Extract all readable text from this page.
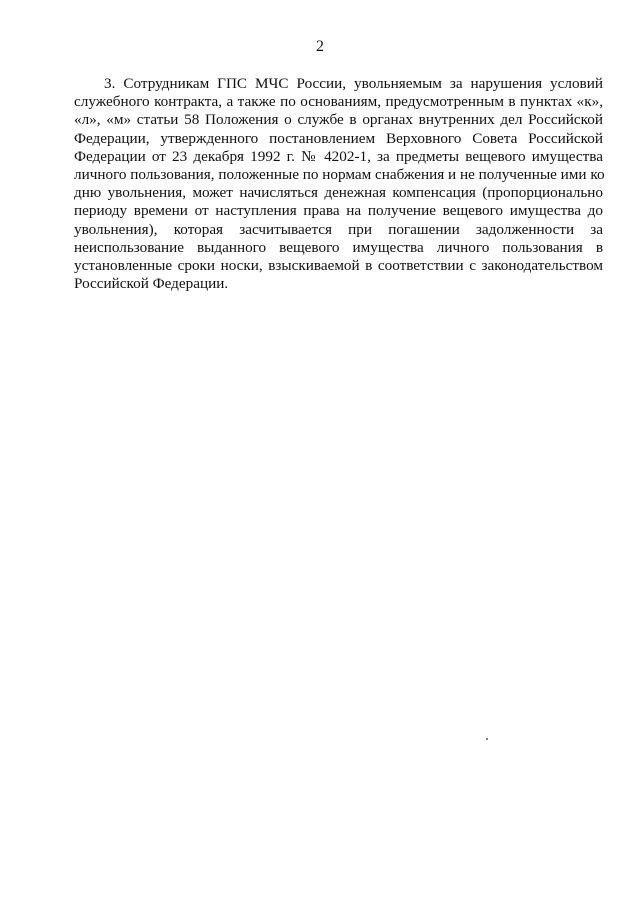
2
3. Сотрудникам ГПС МЧС России, увольняемым за нарушения условий
служебного контракта, а также по основаниям, предусмотренным в пунктах «к»,
«л», «м» статьи 58 Положения о службе в органах внутренних дел Российской
Федерации, утвержденного постановлением Верховного Совета Российской
Федерации от 23 декабря 1992 г. № 4202-1, за предметы вещевого имущества
личного пользования, положенные по нормам снабжения и не полученные ими ко
дню увольнения, может начисляться денежная компенсация (пропорционально
периоду времени от наступления права на получение вещевого имущества до
увольнения), которая засчитывается при погашении задолженности за
неиспользование выданного вещевого имущества личного пользования в
установленные сроки носки, взыскиваемой в соответствии с законодательством
Российской Федерации.
